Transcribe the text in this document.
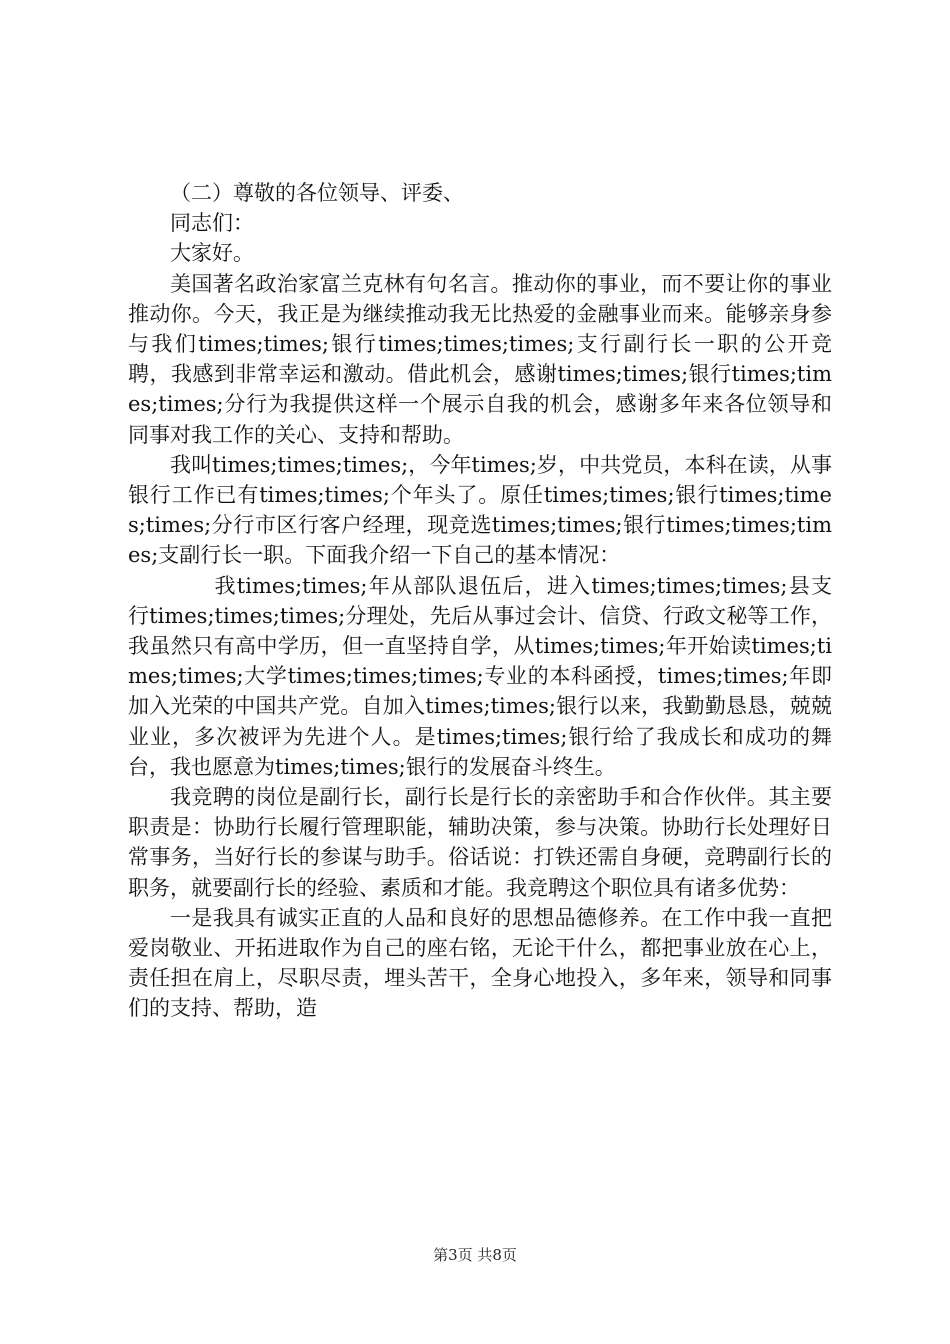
（二）尊敬的各位领导、评委、

同志们：

大家好。

美国著名政治家富兰克林有句名言。推动你的事业，而不要让你的事业推动你。今天，我正是为继续推动我无比热爱的金融事业而来。能够亲身参与我们times;times;银行times;times;times;支行副行长一职的公开竞聘，我感到非常幸运和激动。借此机会，感谢times;times;银行times;times;times;分行为我提供这样一个展示自我的机会，感谢多年来各位领导和同事对我工作的关心、支持和帮助。

我叫times;times;times;，今年times;岁，中共党员，本科在读，从事银行工作已有times;times;个年头了。原任times;times;银行times;times;times;分行市区行客户经理，现竞选times;times;银行times;times;times;支副行长一职。下面我介绍一下自己的基本情况：

　　我times;times;年从部队退伍后，进入times;times;times;县支行times;times;times;分理处，先后从事过会计、信贷、行政文秘等工作，我虽然只有高中学历，但一直坚持自学，从times;times;年开始读times;times;times;大学times;times;times;专业的本科函授，times;times;年即加入光荣的中国共产党。自加入times;times;银行以来，我勤勤恳恳，兢兢业业，多次被评为先进个人。是times;times;银行给了我成长和成功的舞台，我也愿意为times;times;银行的发展奋斗终生。

我竞聘的岗位是副行长，副行长是行长的亲密助手和合作伙伴。其主要职责是：协助行长履行管理职能，辅助决策，参与决策。协助行长处理好日常事务，当好行长的参谋与助手。俗话说：打铁还需自身硬，竞聘副行长的职务，就要副行长的经验、素质和才能。我竞聘这个职位具有诸多优势：

一是我具有诚实正直的人品和良好的思想品德修养。在工作中我一直把爱岗敬业、开拓进取作为自己的座右铭，无论干什么，都把事业放在心上，责任担在肩上，尽职尽责，埋头苦干，全身心地投入，多年来，领导和同事们的支持、帮助，造

第3页 共8页
